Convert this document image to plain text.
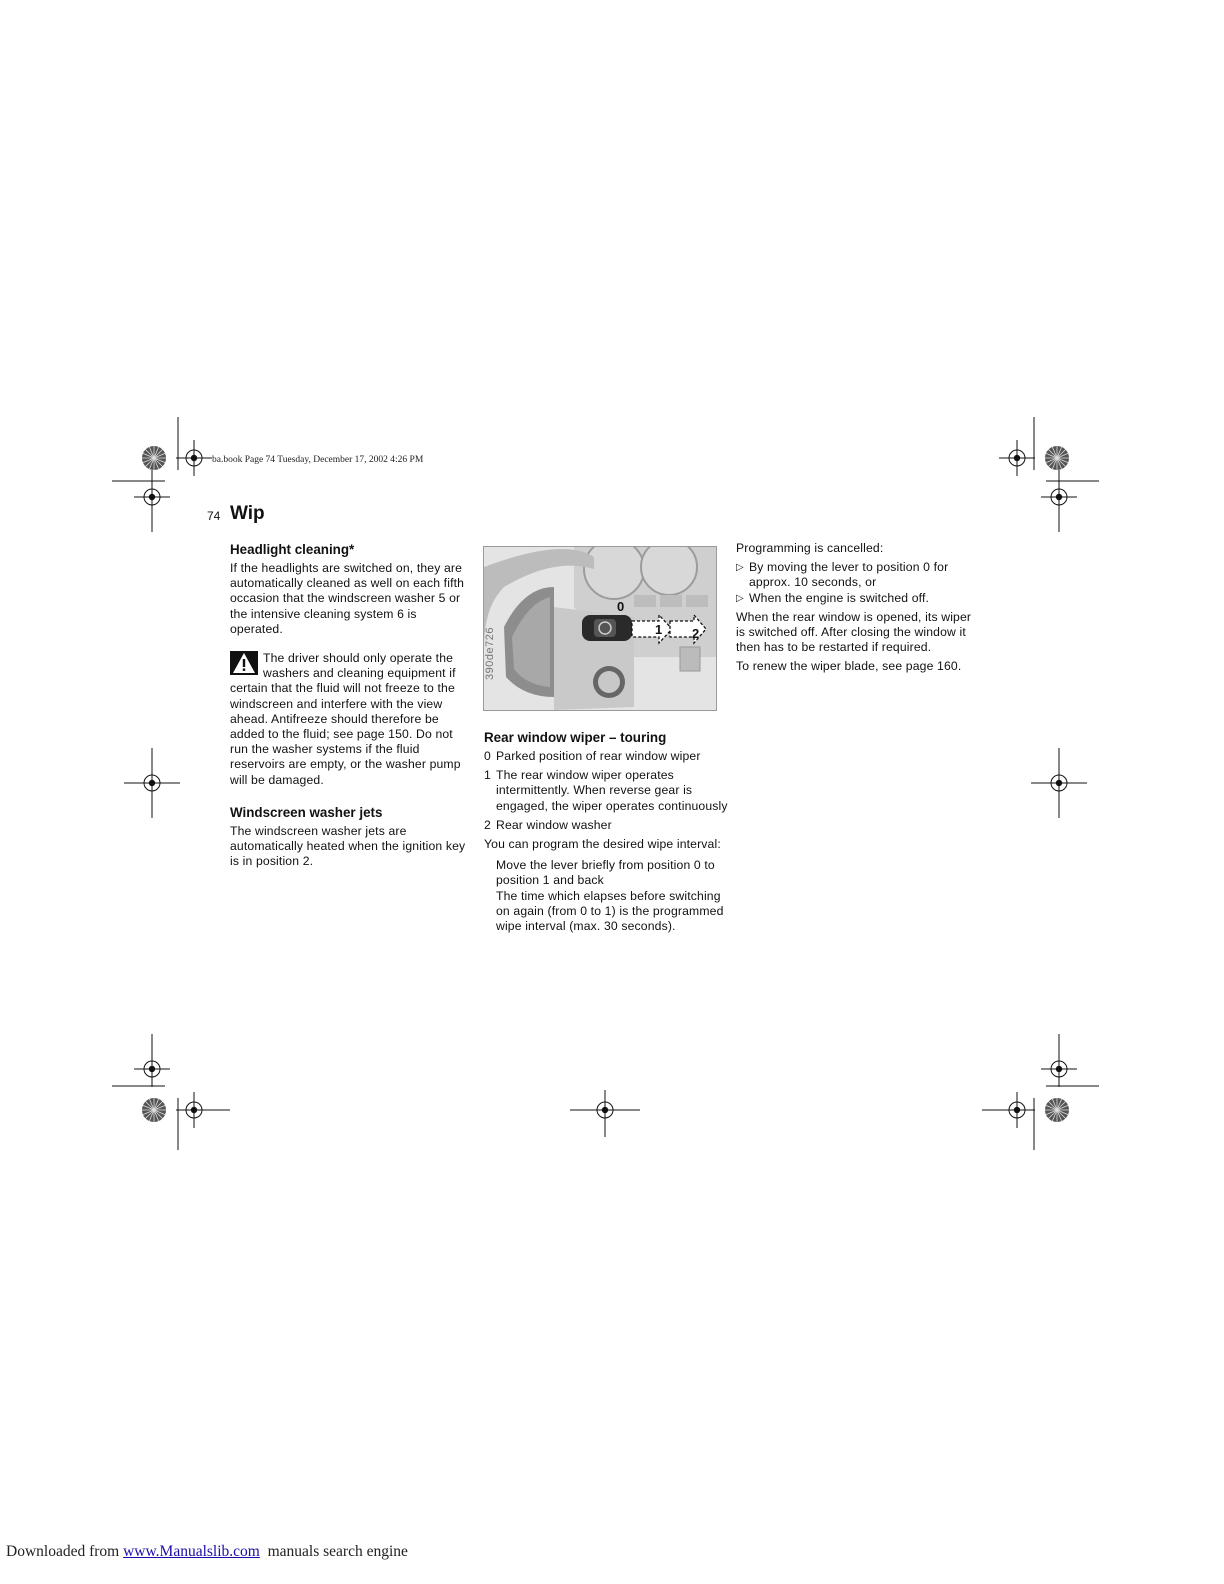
ba.book Page 74 Tuesday, December 17, 2002 4:26 PM
74 Wip
Headlight cleaning*

If the headlights are switched on, they are automatically cleaned as well on each fifth occasion that the windscreen washer 5 or the intensive cleaning system 6 is operated.

The driver should only operate the washers and cleaning equipment if certain that the fluid will not freeze to the windscreen and interfere with the view ahead. Antifreeze should therefore be added to the fluid; see page 150. Do not run the washer systems if the fluid reservoirs are empty, or the washer pump will be damaged.
Windscreen washer jets

The windscreen washer jets are automatically heated when the ignition key is in position 2.

0
1 2
390de726
Rear window wiper – touring
0 Parked position of rear window wiper
1 The rear window wiper operates intermittently. When reverse gear is engaged, the wiper operates continuously
2 Rear window washer

You can program the desired wipe interval:

Move the lever briefly from position 0 to position 1 and back
The time which elapses before switching on again (from 0 to 1) is the programmed wipe interval (max. 30 seconds).

Programming is cancelled:

▷ By moving the lever to position 0 for approx. 10 seconds, or
▷ When the engine is switched off.

When the rear window is opened, its wiper is switched off. After closing the window it then has to be restarted if required.

To renew the wiper blade, see page 160.

Downloaded from www.Manualslib.com  manuals search engine
